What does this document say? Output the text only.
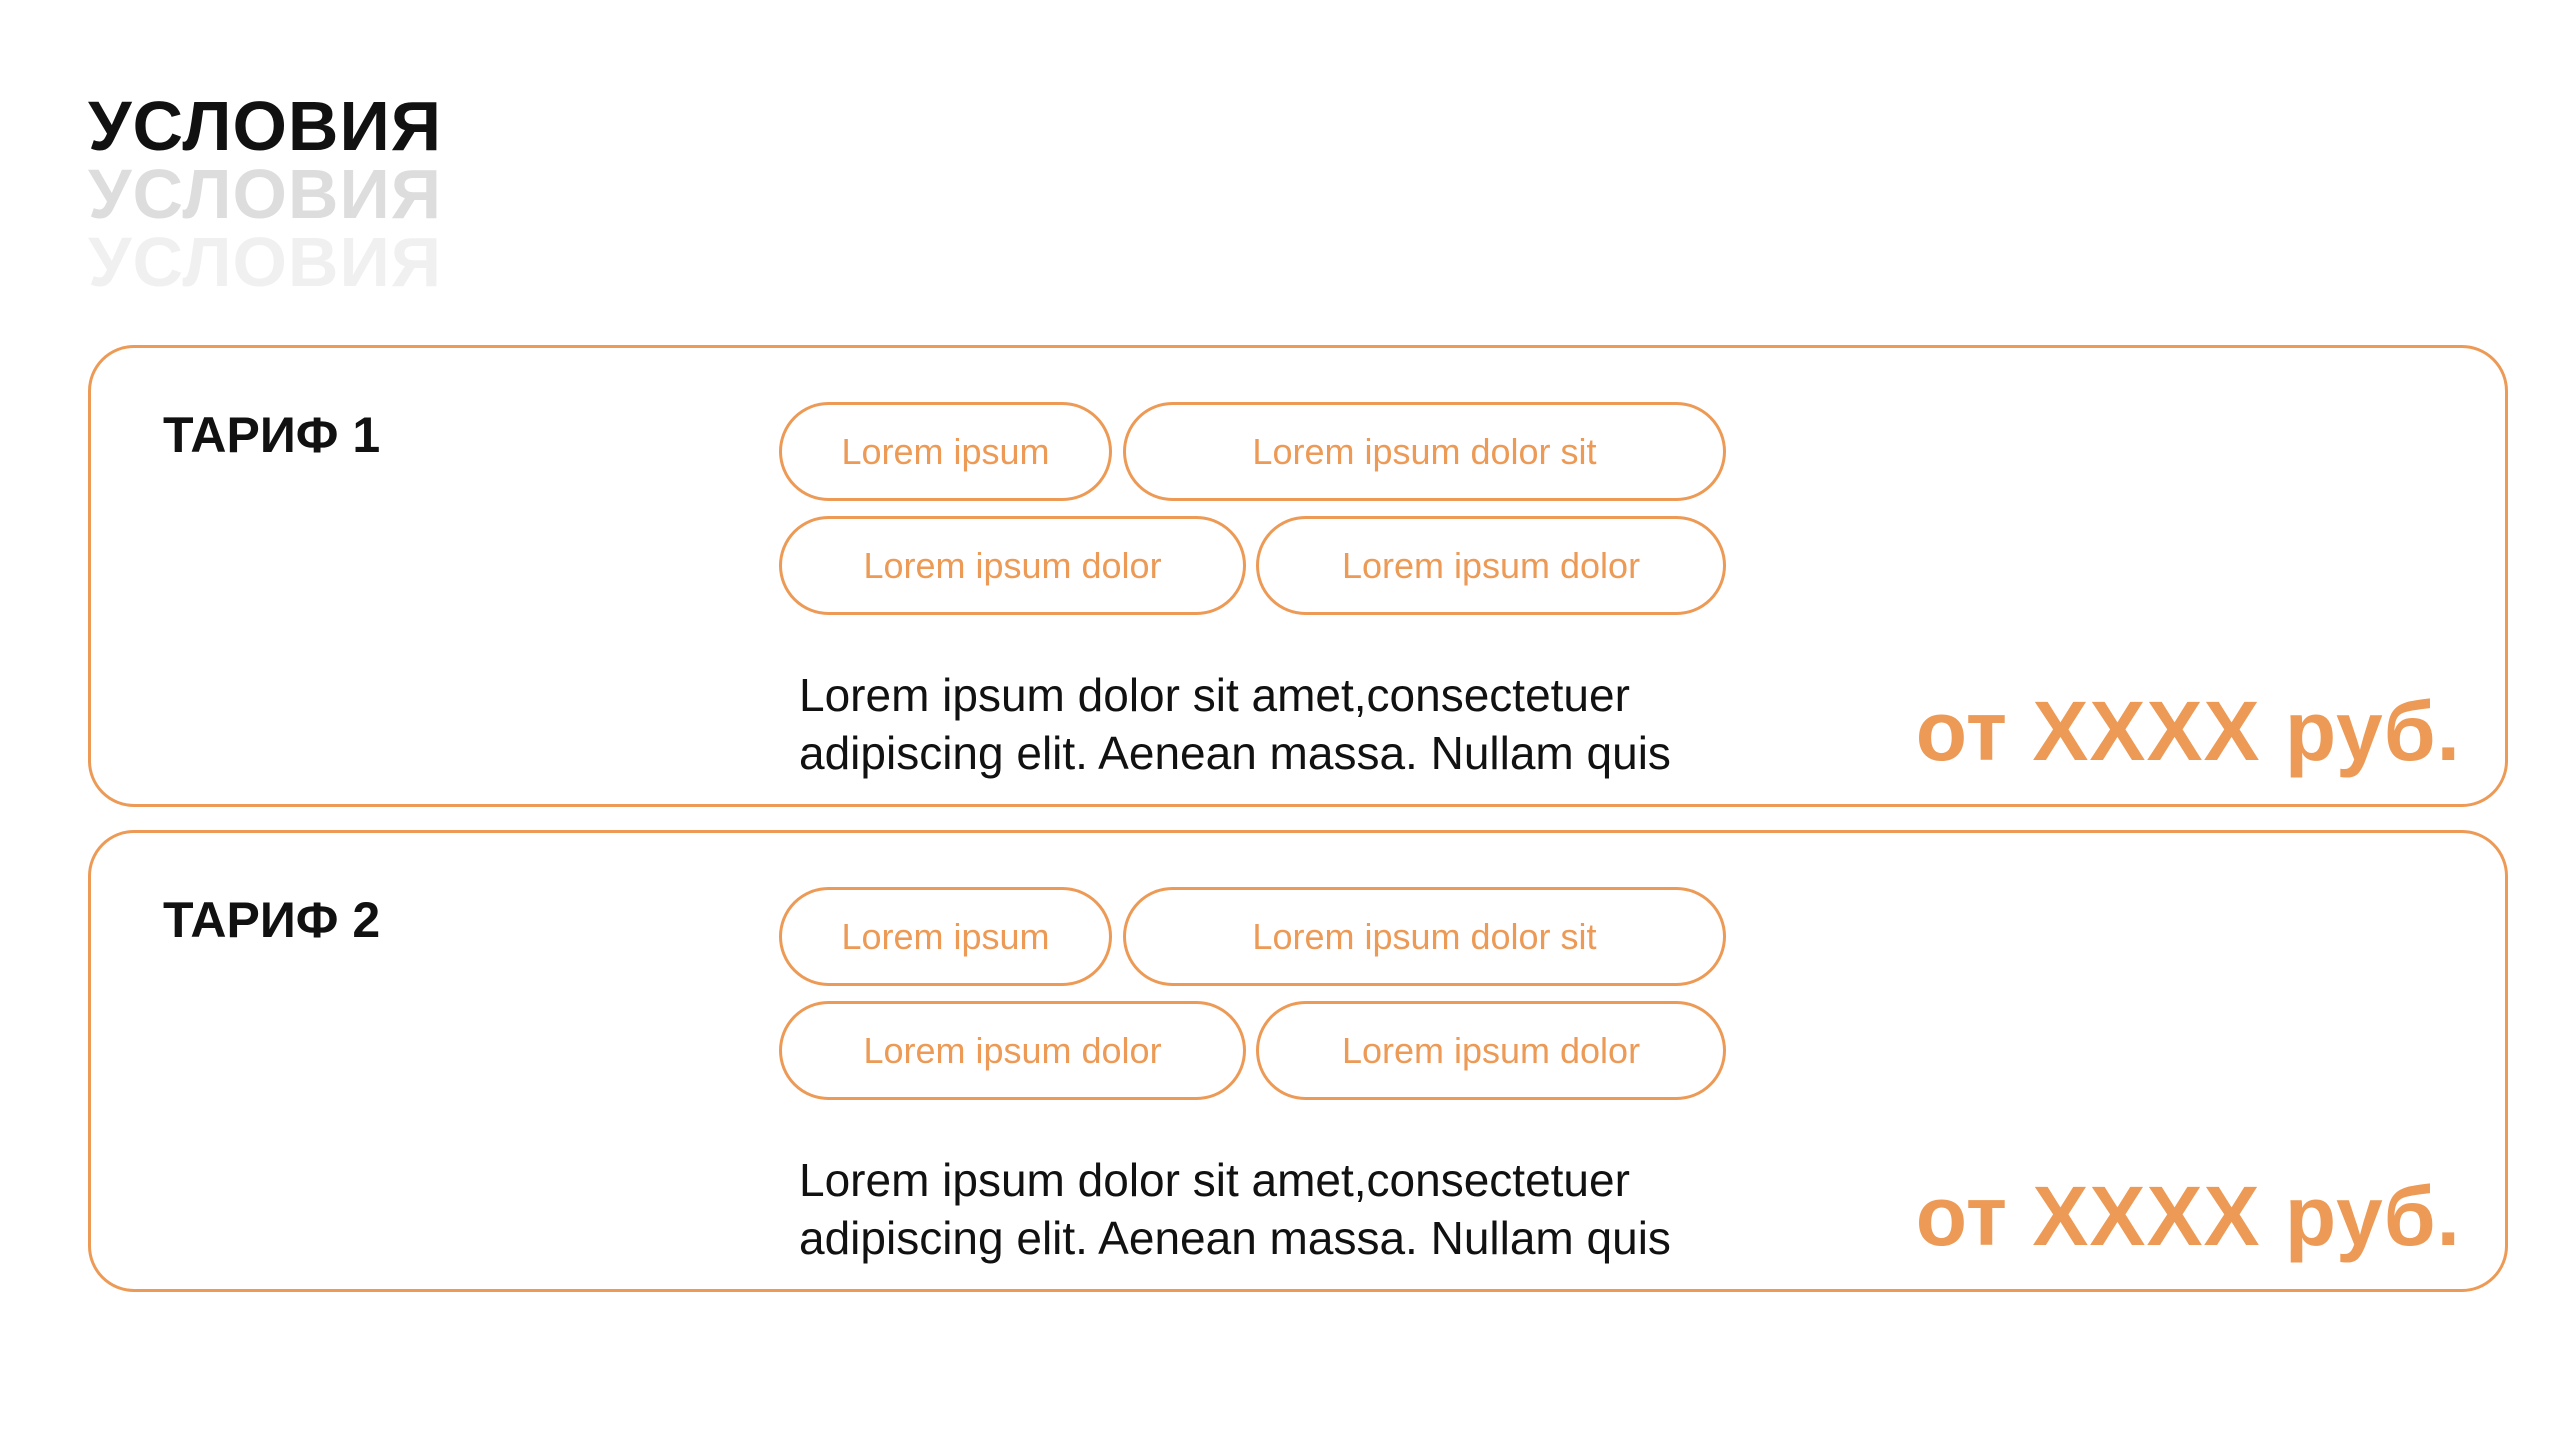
УСЛОВИЯ
УСЛОВИЯ
УСЛОВИЯ
ТАРИФ 1	Lorem ipsum	Lorem ipsum dolor sit
Lorem ipsum dolor	Lorem ipsum dolor
Lorem ipsum dolor sit amet,consectetuer
adipiscing elit. Aenean massa. Nullam quis	от XXXX руб.
ТАРИФ 2	Lorem ipsum	Lorem ipsum dolor sit
Lorem ipsum dolor	Lorem ipsum dolor
Lorem ipsum dolor sit amet,consectetuer
adipiscing elit. Aenean massa. Nullam quis	от XXXX руб.
